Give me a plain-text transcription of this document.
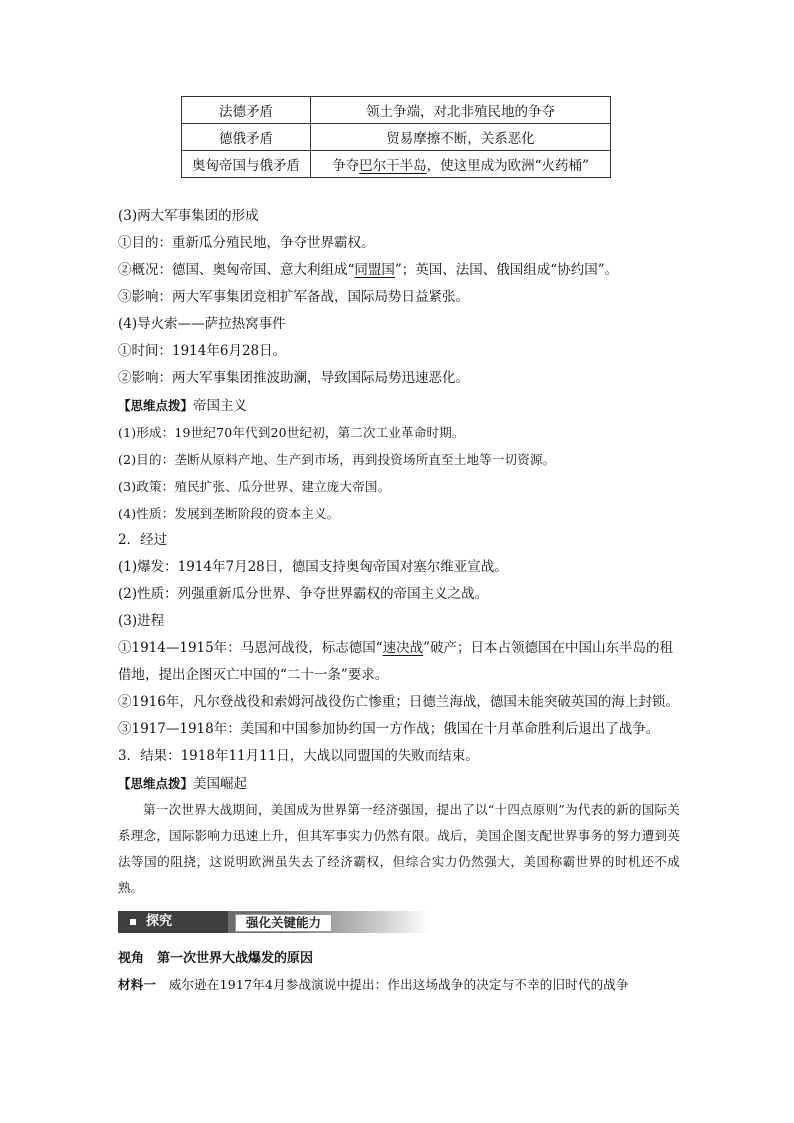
法德矛盾	领土争端，对北非殖民地的争夺
德俄矛盾	贸易摩擦不断，关系恶化
奥匈帝国与俄矛盾	争夺巴尔干半岛，使这里成为欧洲“火药桶”
(3)两大军事集团的形成
①目的：重新瓜分殖民地，争夺世界霸权。
②概况：德国、奥匈帝国、意大利组成“同盟国”；英国、法国、俄国组成“协约国”。
③影响：两大军事集团竞相扩军备战，国际局势日益紧张。
(4)导火索——萨拉热窝事件
①时间：1914年6月28日。
②影响：两大军事集团推波助澜，导致国际局势迅速恶化。
【思维点拨】帝国主义
(1)形成：19世纪70年代到20世纪初，第二次工业革命时期。
(2)目的：垄断从原料产地、生产到市场，再到投资场所直至土地等一切资源。
(3)政策：殖民扩张、瓜分世界、建立庞大帝国。
(4)性质：发展到垄断阶段的资本主义。
2．经过
(1)爆发：1914年7月28日，德国支持奥匈帝国对塞尔维亚宣战。
(2)性质：列强重新瓜分世界、争夺世界霸权的帝国主义之战。
(3)进程
①1914—1915年：马恩河战役，标志德国“速决战”破产；日本占领德国在中国山东半岛的租借地，提出企图灭亡中国的“二十一条”要求。
②1916年，凡尔登战役和索姆河战役伤亡惨重；日德兰海战，德国未能突破英国的海上封锁。
③1917—1918年：美国和中国参加协约国一方作战；俄国在十月革命胜利后退出了战争。
3．结果：1918年11月11日，大战以同盟国的失败而结束。
【思维点拨】美国崛起
第一次世界大战期间，美国成为世界第一经济强国，提出了以“十四点原则”为代表的新的国际关系理念，国际影响力迅速上升，但其军事实力仍然有限。战后，美国企图支配世界事务的努力遭到英法等国的阻挠，这说明欧洲虽失去了经济霸权，但综合实力仍然强大，美国称霸世界的时机还不成熟。
探究	强化关键能力
视角　第一次世界大战爆发的原因
材料一　 威尔逊在1917年4月参战演说中提出：作出这场战争的决定与不幸的旧时代的战争
